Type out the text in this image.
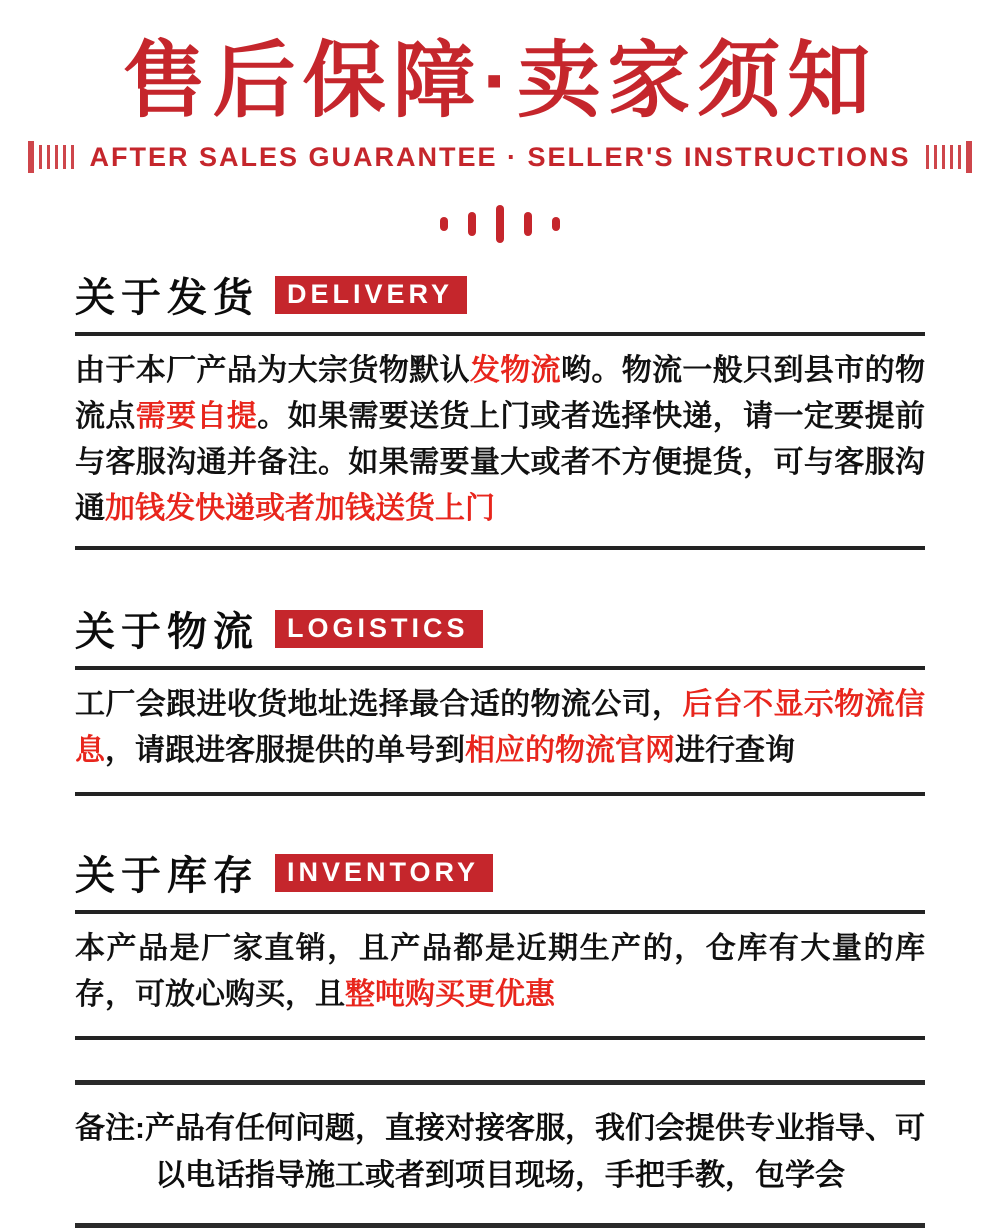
售后保障·卖家须知
AFTER SALES GUARANTEE · SELLER'S INSTRUCTIONS
关于发货	DELIVERY
由于本厂产品为大宗货物默认发物流哟。物流一般只到县市的物流点需要自提。如果需要送货上门或者选择快递，请一定要提前与客服沟通并备注。如果需要量大或者不方便提货，可与客服沟通加钱发快递或者加钱送货上门
关于物流	LOGISTICS
工厂会跟进收货地址选择最合适的物流公司，后台不显示物流信息，请跟进客服提供的单号到相应的物流官网进行查询
关于库存	INVENTORY
本产品是厂家直销，且产品都是近期生产的，仓库有大量的库存，可放心购买，且整吨购买更优惠
备注:产品有任何问题，直接对接客服，我们会提供专业指导、可以电话指导施工或者到项目现场，手把手教，包学会
